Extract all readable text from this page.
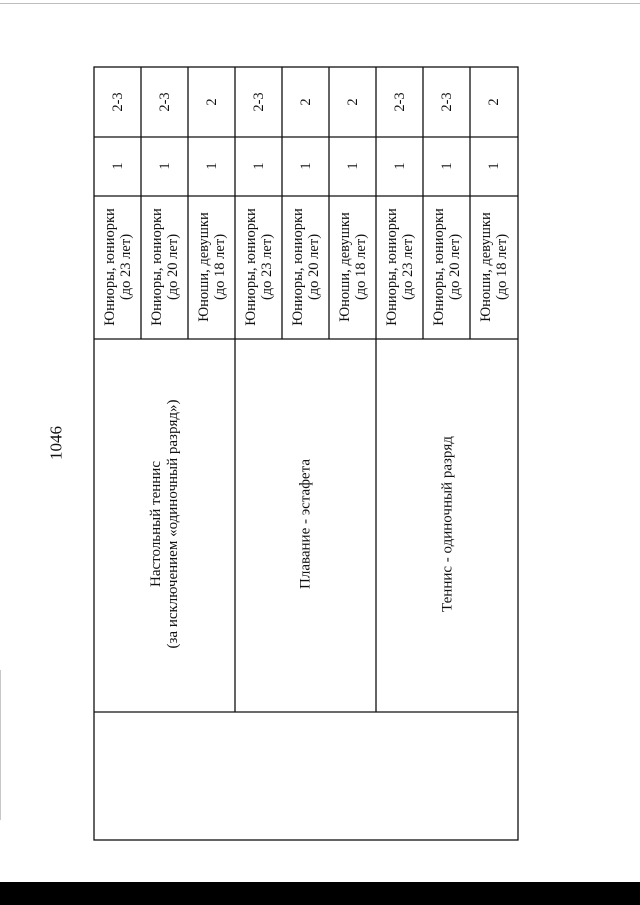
1046
Настольный теннис
(за исключением «одиночный разряд»)	Плавание - эстафета	Теннис - одиночный разряд
Юниоры, юниорки
(до 23 лет) Юниоры, юниорки
(до 20 лет) Юноши, девушки
(до 18 лет)
1 1 1
2-3 2-3 2
Юниоры, юниорки
(до 23 лет) Юниоры, юниорки
(до 20 лет) Юноши, девушки
(до 18 лет)
1 1 1
2-3 2 2
Юниоры, юниорки
(до 23 лет) Юниоры, юниорки
(до 20 лет) Юноши, девушки
(до 18 лет)
1 1 1
2-3 2-3 2
